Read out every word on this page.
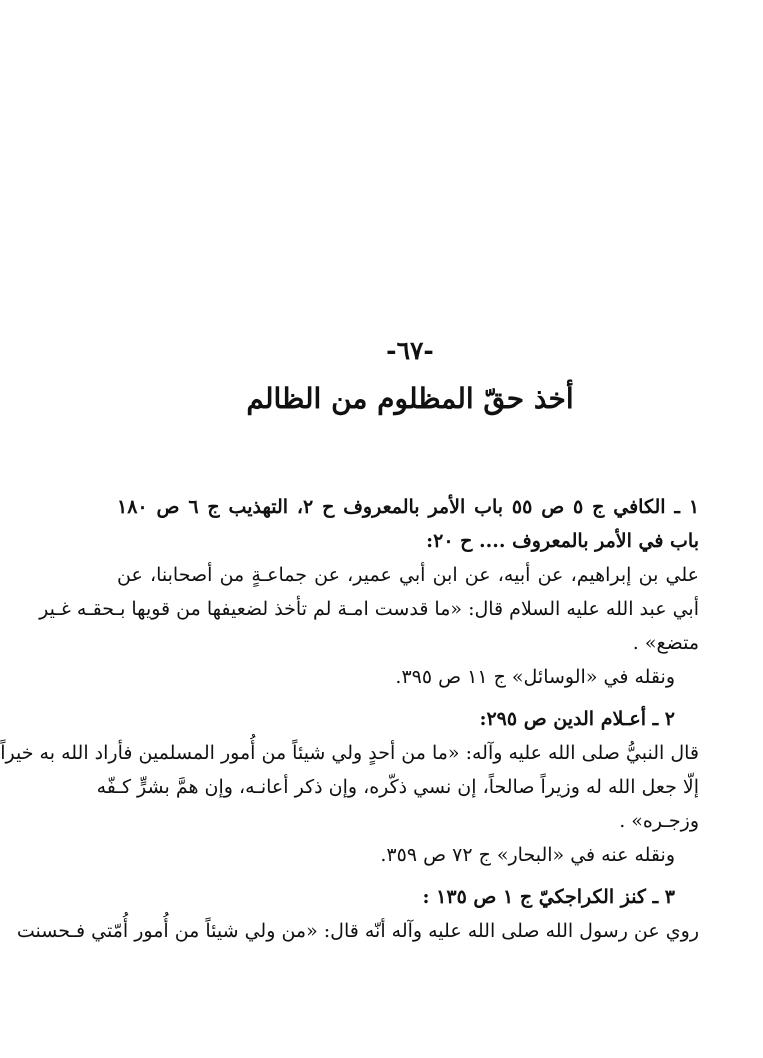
-٦٧-
أخذ حقّ المظلوم من الظالم
١ ـ الكافي ج ٥ ص ٥٥ باب الأمر بالمعروف ح ٢، التهذيب ج ٦ ص ١٨٠
باب في الأمر بالمعروف .... ح ٢٠:
علي بن إبراهيم، عن أبيه، عن ابن أبي عمير، عن جماعـةٍ من أصحابنا، عن
أبي عبد الله عليه السلام قال: «ما قدست امـة لم تأخذ لضعيفها من قويها بـحقـه غـير
متضع» .
ونقله في «الوسائل» ج ١١ ص ٣٩٥.
٢ ـ أعـلام الدين ص ٢٩٥:
قال النبيُّ صلى الله عليه وآله: «ما من أحدٍ ولي شيئاً من أُمور المسلمين فأراد الله به خيراً
إلّا جعل الله له وزيراً صالحاً، إن نسي ذكّره، وإن ذكر أعانـه، وإن همَّ بشرٍّ كـفّه
وزجـره» .
ونقله عنه في «البحار» ج ٧٢ ص ٣٥٩.
٣ ـ كنز الكراجكيّ ج ١ ص ١٣٥ :
روي عن رسول الله صلى الله عليه وآله أنّه قال: «من ولي شيئاً من أُمور أُمّتي فـحسنت
